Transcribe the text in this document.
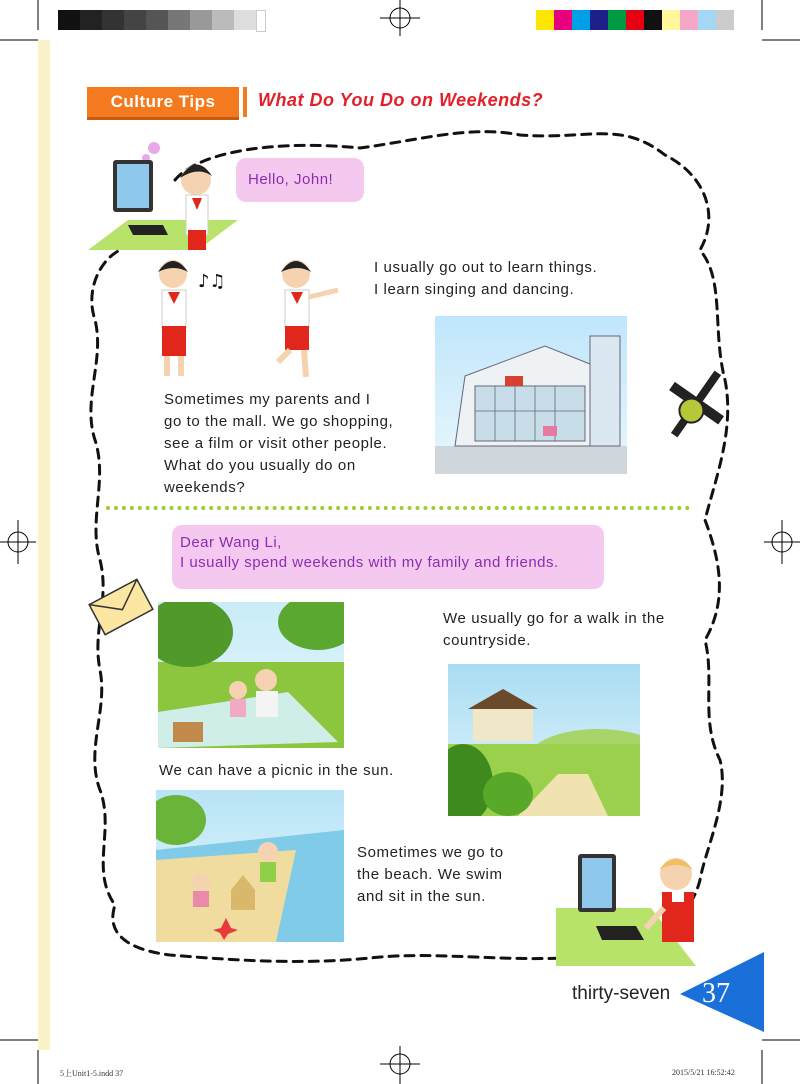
Culture Tips	What Do You Do on Weekends?
Hello, John!
♪♫
I usually go out to learn things.
I learn singing and dancing.
Sometimes my parents and I
go to the mall. We go shopping,
see a film or visit other people.
What do you usually do on
weekends?
Dear Wang Li,
I usually spend weekends with my family and friends.
We usually go for a walk in the
countryside.
We can have a picnic in the sun.
Sometimes we go to
the beach. We swim
and sit in the sun.
thirty-seven 37
5上Unit1-5.indd 37	2015/5/21 16:52:42
